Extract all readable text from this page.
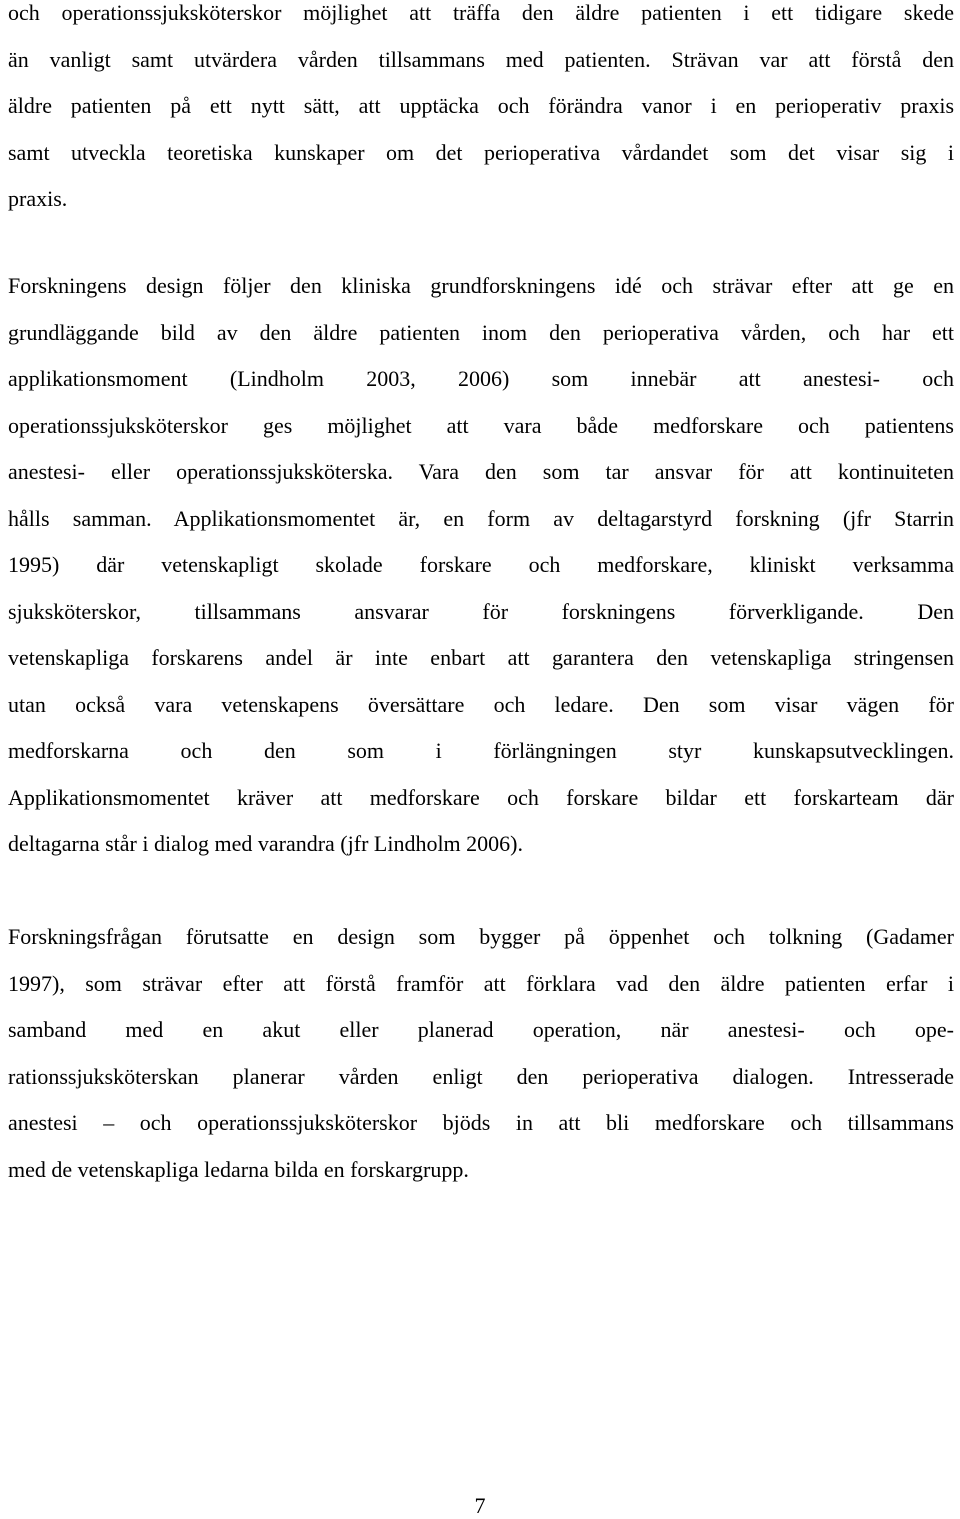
och operationssjuksköterskor möjlighet att träffa den äldre patienten i ett tidigare skede
än vanligt samt utvärdera vården tillsammans med patienten. Strävan var att förstå den
äldre patienten på ett nytt sätt, att upptäcka och förändra vanor i en perioperativ praxis
samt utveckla teoretiska kunskaper om det perioperativa vårdandet som det visar sig i
praxis.
Forskningens design följer den kliniska grundforskningens idé och strävar efter att ge en
grundläggande bild av den äldre patienten inom den perioperativa vården, och har ett
applikationsmoment (Lindholm 2003, 2006) som innebär att anestesi- och
operationssjuksköterskor ges möjlighet att vara både medforskare och patientens
anestesi- eller operationssjuksköterska. Vara den som tar ansvar för att kontinuiteten
hålls samman. Applikationsmomentet är, en form av deltagarstyrd forskning (jfr Starrin
1995) där vetenskapligt skolade forskare och medforskare, kliniskt verksamma
sjuksköterskor, tillsammans ansvarar för forskningens förverkligande. Den
vetenskapliga forskarens andel är inte enbart att garantera den vetenskapliga stringensen
utan också vara vetenskapens översättare och ledare. Den som visar vägen för
medforskarna och den som i förlängningen styr kunskapsutvecklingen.
Applikationsmomentet kräver att medforskare och forskare bildar ett forskarteam där
deltagarna står i dialog med varandra (jfr Lindholm 2006).
Forskningsfrågan förutsatte en design som bygger på öppenhet och tolkning (Gadamer
1997), som strävar efter att förstå framför att förklara vad den äldre patienten erfar i
samband med en akut eller planerad operation, när anestesi- och ope-
rationssjuksköterskan planerar vården enligt den perioperativa dialogen. Intresserade
anestesi – och operationssjuksköterskor bjöds in att bli medforskare och tillsammans
med de vetenskapliga ledarna bilda en forskargrupp.
7
